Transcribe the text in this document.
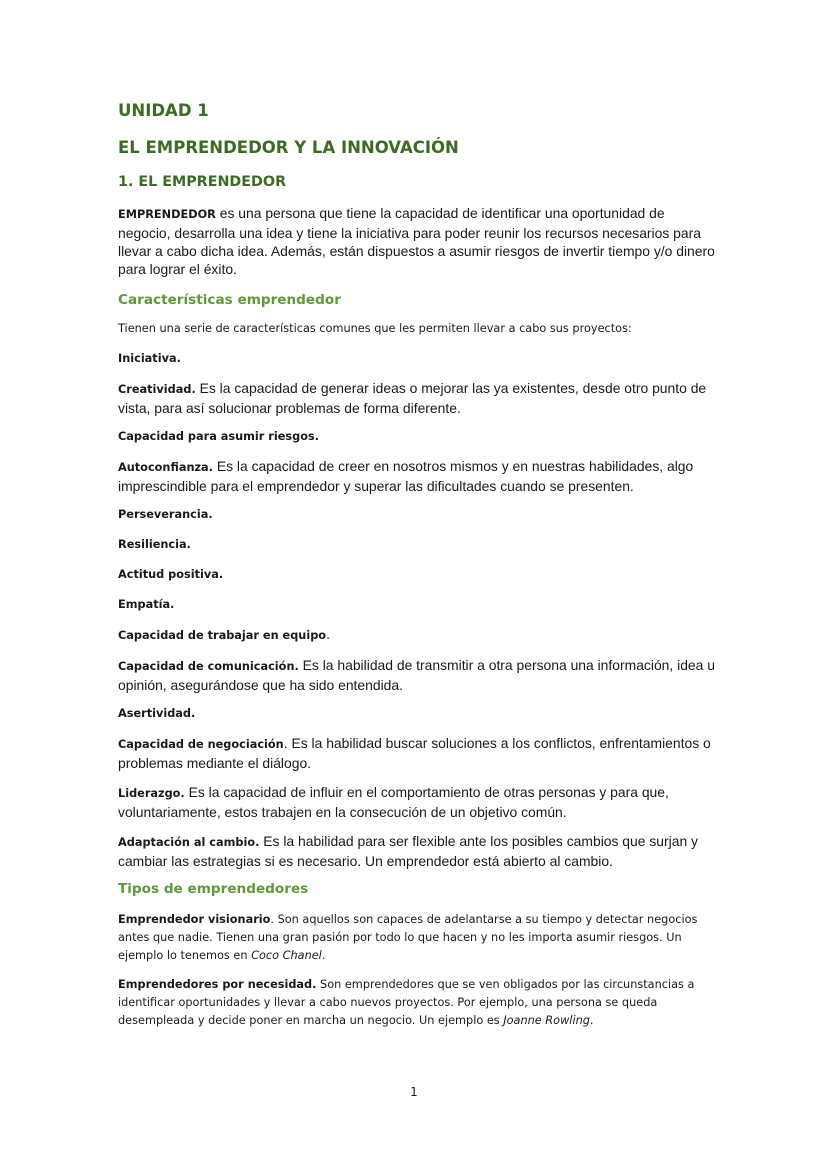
UNIDAD 1
EL EMPRENDEDOR Y LA INNOVACIÓN
1. EL EMPRENDEDOR

EMPRENDEDOR es una persona que tiene la capacidad de identificar una oportunidad de negocio, desarrolla una idea y tiene la iniciativa para poder reunir los recursos necesarios para llevar a cabo dicha idea. Además, están dispuestos a asumir riesgos de invertir tiempo y/o dinero para lograr el éxito.

Características emprendedor

Tienen una serie de características comunes que les permiten llevar a cabo sus proyectos:

Iniciativa.

Creatividad. Es la capacidad de generar ideas o mejorar las ya existentes, desde otro punto de vista, para así solucionar problemas de forma diferente.

Capacidad para asumir riesgos.

Autoconfianza. Es la capacidad de creer en nosotros mismos y en nuestras habilidades, algo imprescindible para el emprendedor y superar las dificultades cuando se presenten.

Perseverancia.

Resiliencia.

Actitud positiva.

Empatía.

Capacidad de trabajar en equipo.

Capacidad de comunicación. Es la habilidad de transmitir a otra persona una información, idea u opinión, asegurándose que ha sido entendida.

Asertividad.

Capacidad de negociación. Es la habilidad buscar soluciones a los conflictos, enfrentamientos o problemas mediante el diálogo.

Liderazgo. Es la capacidad de influir en el comportamiento de otras personas y para que, voluntariamente, estos trabajen en la consecución de un objetivo común.

Adaptación al cambio. Es la habilidad para ser flexible ante los posibles cambios que surjan y cambiar las estrategias si es necesario. Un emprendedor está abierto al cambio.

Tipos de emprendedores

Emprendedor visionario. Son aquellos son capaces de adelantarse a su tiempo y detectar negocios antes que nadie. Tienen una gran pasión por todo lo que hacen y no les importa asumir riesgos. Un ejemplo lo tenemos en Coco Chanel.

Emprendedores por necesidad. Son emprendedores que se ven obligados por las circunstancias a identificar oportunidades y llevar a cabo nuevos proyectos. Por ejemplo, una persona se queda desempleada y decide poner en marcha un negocio. Un ejemplo es Joanne Rowling.

1
